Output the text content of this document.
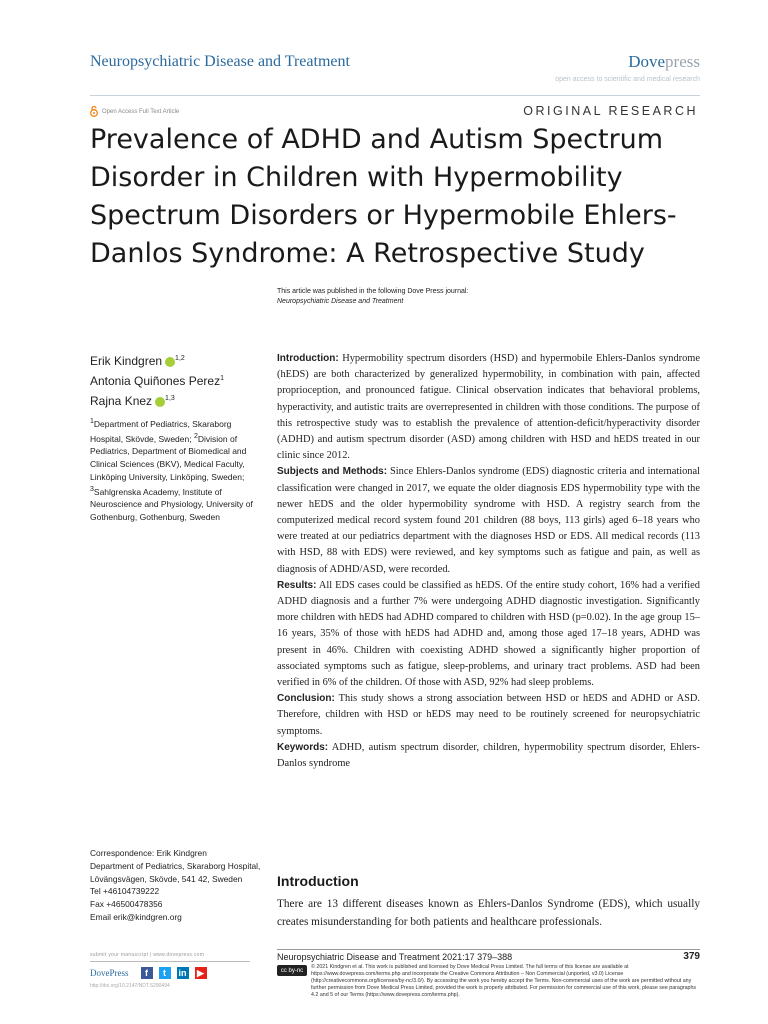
Neuropsychiatric Disease and Treatment	Dovepress
open access to scientific and medical research
Open Access Full Text Article	ORIGINAL RESEARCH
Prevalence of ADHD and Autism Spectrum Disorder in Children with Hypermobility Spectrum Disorders or Hypermobile Ehlers-Danlos Syndrome: A Retrospective Study
This article was published in the following Dove Press journal:
Neuropsychiatric Disease and Treatment
Erik Kindgren $^{1,2}$
Antonia Quiñones Perez$^1$
Rajna Knez $^{1,3}$
$^1$Department of Pediatrics, Skaraborg Hospital, Skövde, Sweden; $^2$Division of Pediatrics, Department of Biomedical and Clinical Sciences (BKV), Medical Faculty, Linköping University, Linköping, Sweden; $^3$Sahlgrenska Academy, Institute of Neuroscience and Physiology, University of Gothenburg, Gothenburg, Sweden

Introduction: Hypermobility spectrum disorders (HSD) and hypermobile Ehlers-Danlos syndrome (hEDS) are both characterized by generalized hypermobility, in combination with pain, affected proprioception, and pronounced fatigue. Clinical observation indicates that behavioral problems, hyperactivity, and autistic traits are overrepresented in children with those conditions. The purpose of this retrospective study was to establish the prevalence of attention-deficit/hyperactivity disorder (ADHD) and autism spectrum disorder (ASD) among children with HSD and hEDS treated in our clinic since 2012.

Subjects and Methods: Since Ehlers-Danlos syndrome (EDS) diagnostic criteria and international classification were changed in 2017, we equate the older diagnosis EDS hypermobility type with the newer hEDS and the older hypermobility syndrome with HSD. A registry search from the computerized medical record system found 201 children (88 boys, 113 girls) aged 6–18 years who were treated at our pediatrics department with the diagnoses HSD or EDS. All medical records (113 with HSD, 88 with EDS) were reviewed, and key symptoms such as fatigue and pain, as well as diagnosis of ADHD/ASD, were recorded.

Results: All EDS cases could be classified as hEDS. Of the entire study cohort, 16% had a verified ADHD diagnosis and a further 7% were undergoing ADHD diagnostic investigation. Significantly more children with hEDS had ADHD compared to children with HSD (p=0.02). In the age group 15–16 years, 35% of those with hEDS had ADHD and, among those aged 17–18 years, ADHD was present in 46%. Children with coexisting ADHD showed a significantly higher proportion of associated symptoms such as fatigue, sleep-problems, and urinary tract problems. ASD had been verified in 6% of the children. Of those with ASD, 92% had sleep problems.

Conclusion: This study shows a strong association between HSD or hEDS and ADHD or ASD. Therefore, children with HSD or hEDS may need to be routinely screened for neuropsychiatric symptoms.

Keywords: ADHD, autism spectrum disorder, children, hypermobility spectrum disorder, Ehlers-Danlos syndrome

Correspondence: Erik Kindgren
Department of Pediatrics, Skaraborg Hospital, Lövängsvägen, Skövde, 541 42, Sweden
Tel +46104739222
Fax +46500478356
Email erik@kindgren.org
Introduction
There are 13 different diseases known as Ehlers-Danlos Syndrome (EDS), which usually creates misunderstanding for both patients and healthcare professionals.
submit your manuscript | www.dovepress.com
DovePress	f	t	in ▶
http://doi.org/10.2147/NDT.S290494
Neuropsychiatric Disease and Treatment 2021:17 379–388	379
cc by-nc
© 2021 Kindgren et al. This work is published and licensed by Dove Medical Press Limited. The full terms of this license are available at https://www.dovepress.com/terms.php and incorporate the Creative Commons Attribution – Non Commercial (unported, v3.0) License (http://creativecommons.org/licenses/by-nc/3.0/). By accessing the work you hereby accept the Terms. Non-commercial uses of the work are permitted without any further permission from Dove Medical Press Limited, provided the work is properly attributed. For permission for commercial use of this work, please see paragraphs 4.2 and 5 of our Terms (https://www.dovepress.com/terms.php).
